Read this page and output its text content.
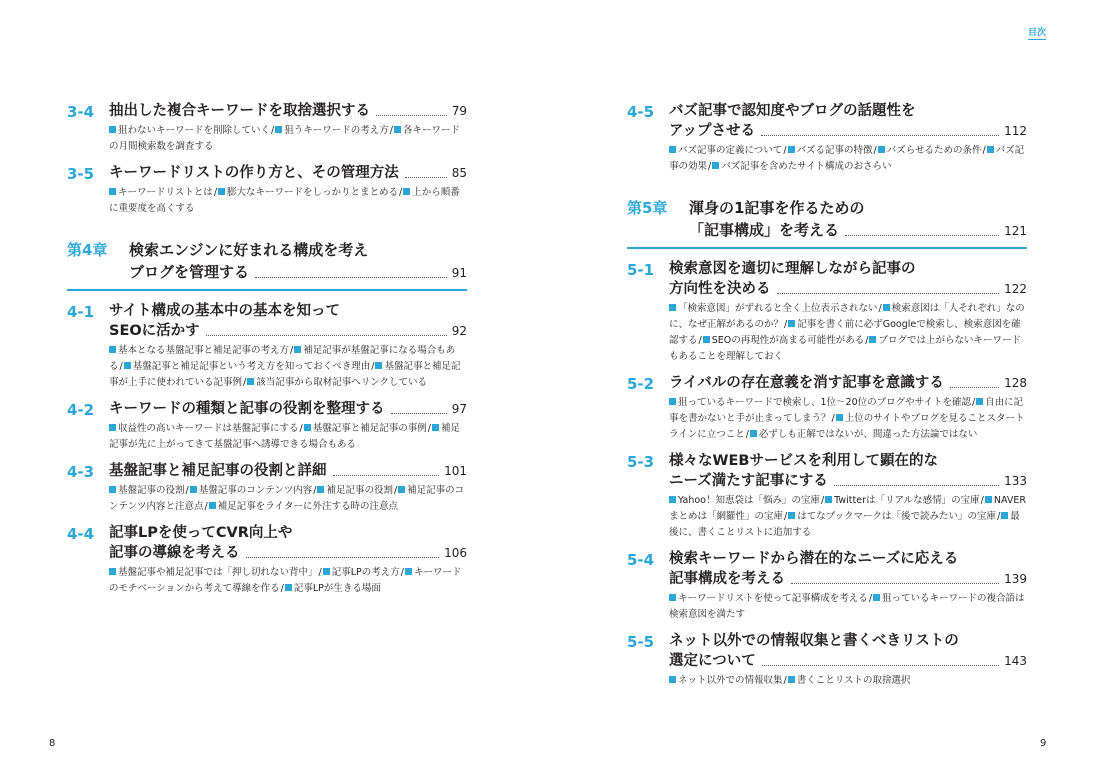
目次
3-4 抽出した複合キーワードを取捨選択する	79
狙わないキーワードを削除していく/ 狙うキーワードの考え方/ 各キーワードの月間検索数を調査する
3-5 キーワードリストの作り方と、その管理方法	85
キーワードリストとは/ 膨大なキーワードをしっかりとまとめる/ 上から順番に重要度を高くする
第4章 検索エンジンに好まれる構成を考え
ブログを管理する	91
4-1 サイト構成の基本中の基本を知って
SEOに活かす	92
基本となる基盤記事と補足記事の考え方/ 補足記事が基盤記事になる場合もある/ 基盤記事と補足記事という考え方を知っておくべき理由/ 基盤記事と補足記事が上手に使われている記事例/ 該当記事から取材記事へリンクしている
4-2 キーワードの種類と記事の役割を整理する	97
収益性の高いキーワードは基盤記事にする/ 基盤記事と補足記事の事例/ 補足記事が先に上がってきて基盤記事へ誘導できる場合もある
4-3 基盤記事と補足記事の役割と詳細	101
基盤記事の役割/ 基盤記事のコンテンツ内容/ 補足記事の役割/ 補足記事のコンテンツ内容と注意点/ 補足記事をライターに外注する時の注意点
4-4 記事LPを使ってCVR向上や
記事の導線を考える	106
基盤記事や補足記事では「押し切れない背中」/ 記事LPの考え方/ キーワードのモチベーションから考えて導線を作る/ 記事LPが生きる場面
4-5 バズ記事で認知度やブログの話題性を
アップさせる	112
バズ記事の定義について/ バズる記事の特徴/ バズらせるための条件/ バズ記事の効果/ バズ記事を含めたサイト構成のおさらい
第5章 渾身の1記事を作るための
「記事構成」を考える	121
5-1 検索意図を適切に理解しながら記事の
方向性を決める	122
「検索意図」がずれると全く上位表示されない/ 検索意図は「人それぞれ」なのに、なぜ正解があるのか？/ 記事を書く前に必ずGoogleで検索し、検索意図を確認する/ SEOの再現性が高まる可能性がある/ ブログでは上がらないキーワードもあることを理解しておく
5-2 ライバルの存在意義を消す記事を意識する	128
狙っているキーワードで検索し、1位〜20位のブログやサイトを確認/ 自由に記事を書かないと手が止まってしまう？/ 上位のサイトやブログを見ることスタートラインに立つこと/ 必ずしも正解ではないが、間違った方法論ではない
5-3 様々なWEBサービスを利用して顕在的な
ニーズ満たす記事にする	133
Yahoo！知恵袋は「悩み」の宝庫/ Twitterは「リアルな感情」の宝庫/ NAVERまとめは「網羅性」の宝庫/ はてなブックマークは「後で読みたい」の宝庫/ 最後に、書くことリストに追加する
5-4 検索キーワードから潜在的なニーズに応える
記事構成を考える	139
キーワードリストを使って記事構成を考える/ 狙っているキーワードの複合語は検索意図を満たす
5-5 ネット以外での情報収集と書くべきリストの
選定について	143
ネット以外での情報収集/ 書くことリストの取捨選択
8	9
